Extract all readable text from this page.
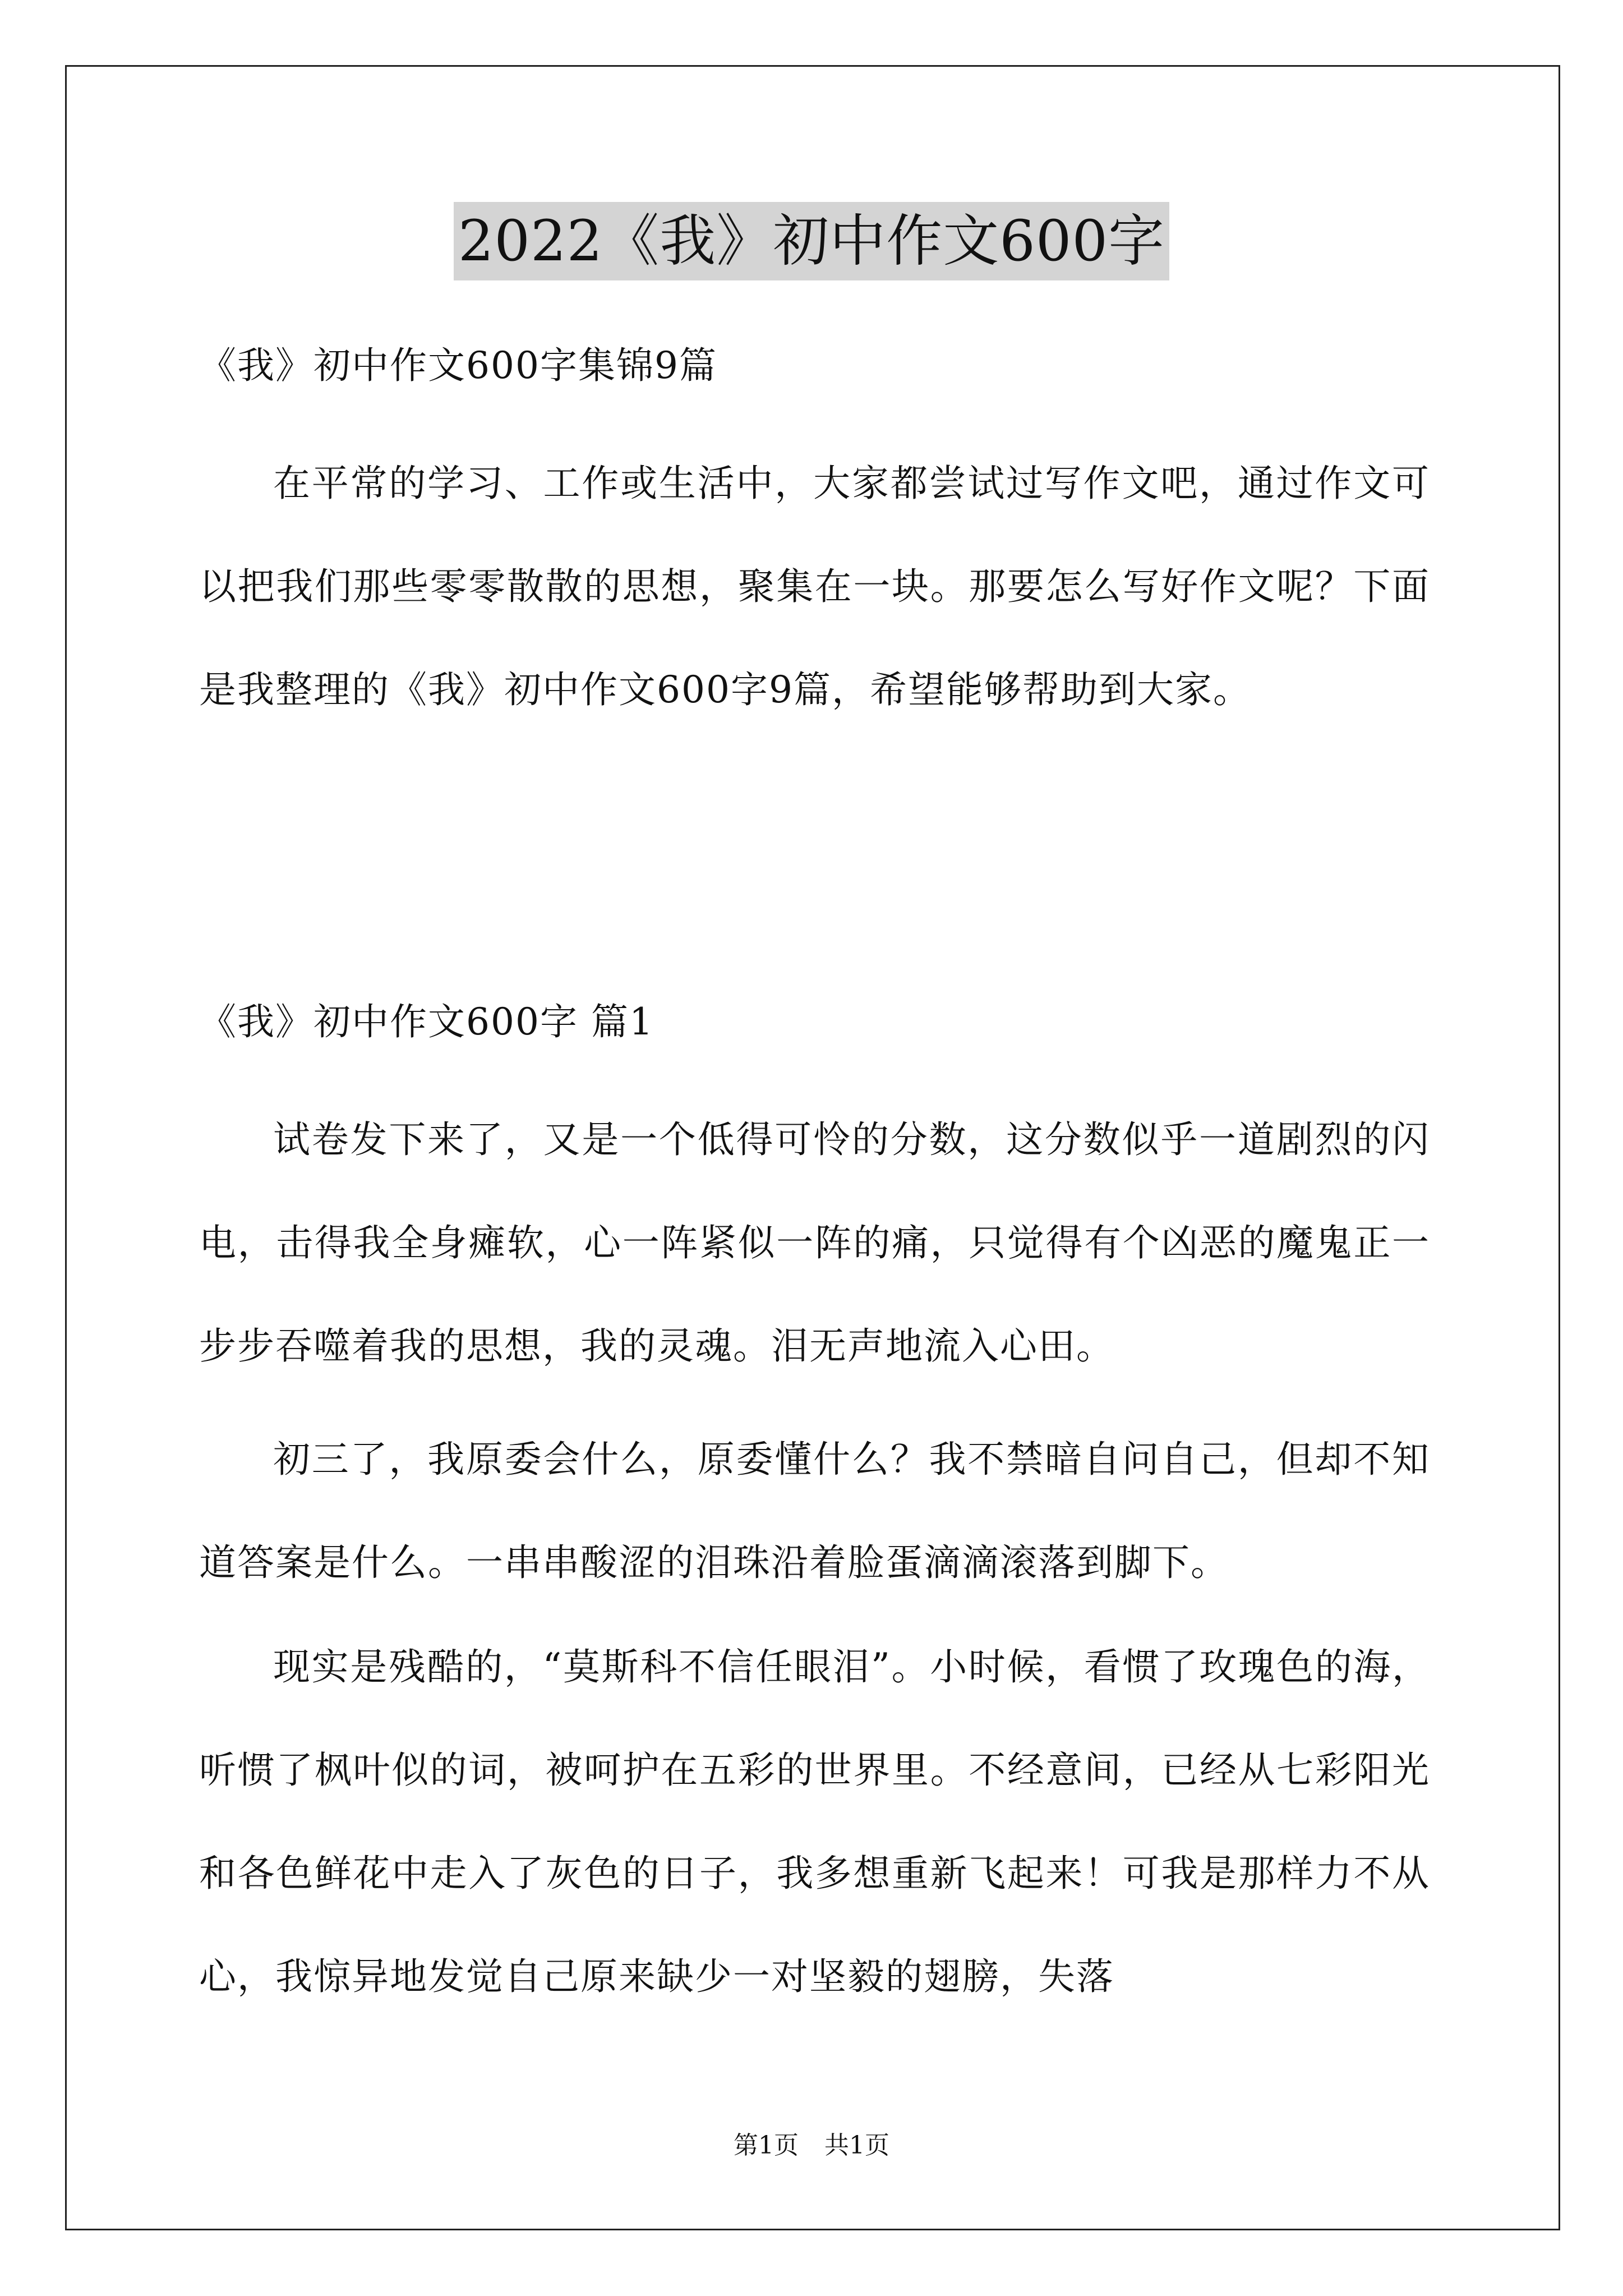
2022《我》初中作文600字
《我》初中作文600字集锦9篇
在平常的学习、工作或生活中，大家都尝试过写作文吧，通过作文可以把我们那些零零散散的思想，聚集在一块。那要怎么写好作文呢？下面是我整理的《我》初中作文600字9篇，希望能够帮助到大家。
《我》初中作文600字 篇1
试卷发下来了，又是一个低得可怜的分数，这分数似乎一道剧烈的闪电，击得我全身瘫软，心一阵紧似一阵的痛，只觉得有个凶恶的魔鬼正一步步吞噬着我的思想，我的灵魂。泪无声地流入心田。
初三了，我原委会什么，原委懂什么？我不禁暗自问自己，但却不知道答案是什么。一串串酸涩的泪珠沿着脸蛋滴滴滚落到脚下。
现实是残酷的，“莫斯科不信任眼泪”。小时候，看惯了玫瑰色的海，听惯了枫叶似的词，被呵护在五彩的世界里。不经意间，已经从七彩阳光和各色鲜花中走入了灰色的日子，我多想重新飞起来！可我是那样力不从心，我惊异地发觉自己原来缺少一对坚毅的翅膀，失落
第1页 共1页
